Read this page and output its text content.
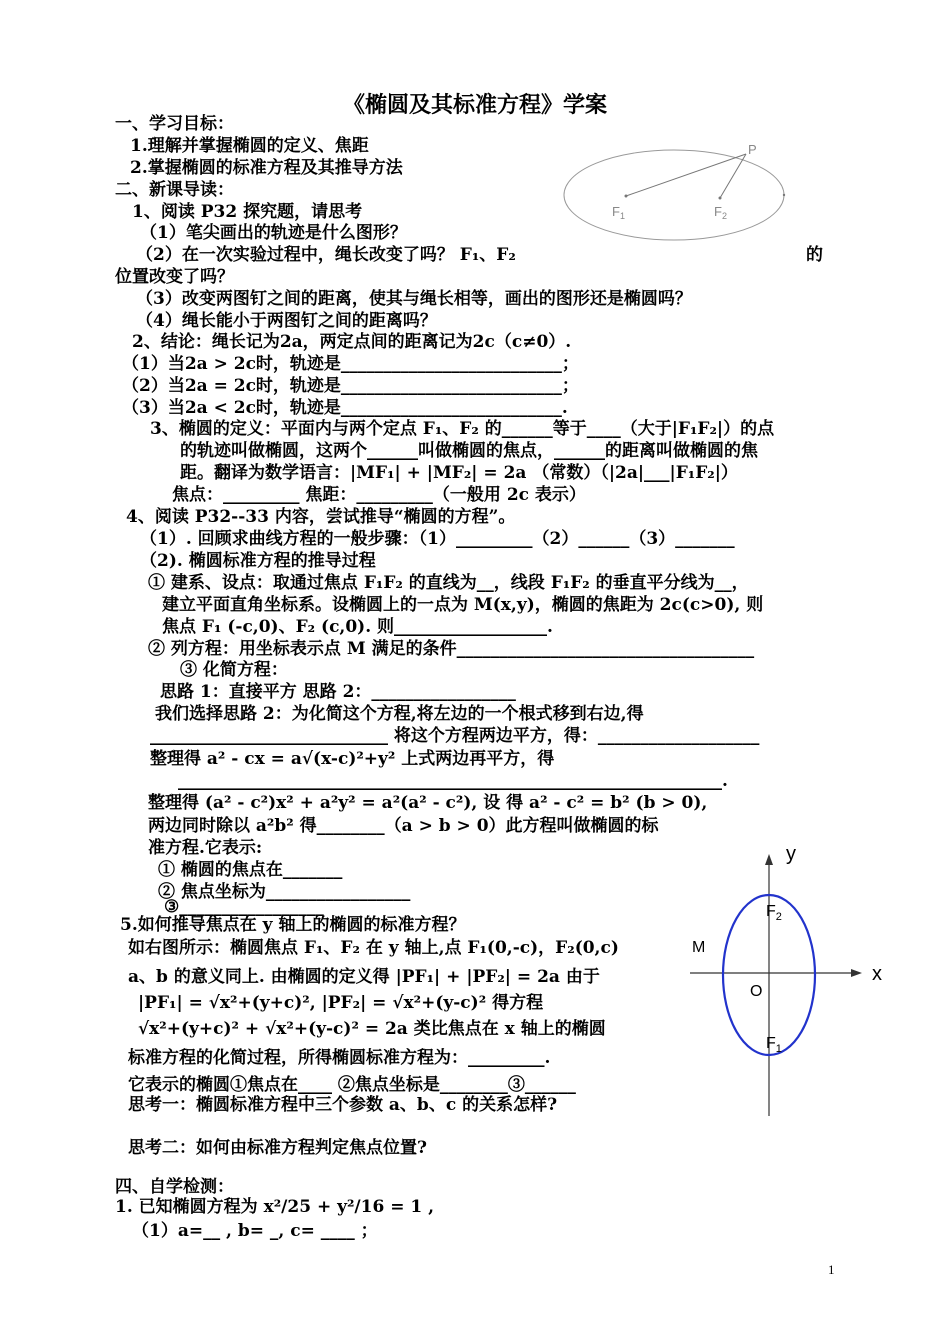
《椭圆及其标准方程》学案
一、学习目标：
1.理解并掌握椭圆的定义、焦距
2.掌握椭圆的标准方程及其推导方法
二、新课导读：
1、阅读 P32 探究题，请思考
（1）笔尖画出的轨迹是什么图形？
（2）在一次实验过程中，绳长改变了吗？ F₁、F₂	的
位置改变了吗？
（3）改变两图钉之间的距离，使其与绳长相等，画出的图形还是椭圆吗？
（4）绳长能小于两图钉之间的距离吗？
2、结论：绳长记为2a，两定点间的距离记为2c（c≠0）.
（1）当2a > 2c时，轨迹是__________________________；
（2）当2a = 2c时，轨迹是__________________________；
（3）当2a < 2c时，轨迹是__________________________.
3、椭圆的定义：平面内与两个定点 F₁、F₂ 的______等于____（大于|F₁F₂|）的点
的轨迹叫做椭圆，这两个______叫做椭圆的焦点，______的距离叫做椭圆的焦
距。翻译为数学语言：|MF₁| + |MF₂| = 2a （常数）（|2a|___|F₁F₂|）
焦点：_________ 焦距：_________（一般用 2c 表示）
4、阅读 P32--33 内容，尝试推导“椭圆的方程”。
（1）. 回顾求曲线方程的一般步骤：（1）_________（2）______（3）_______
（2). 椭圆标准方程的推导过程
① 建系、设点：取通过焦点 F₁F₂ 的直线为__，线段 F₁F₂ 的垂直平分线为__，
建立平面直角坐标系。设椭圆上的一点为 M(x,y)，椭圆的焦距为 2c(c>0), 则
焦点 F₁ (-c,0)、F₂ (c,0). 则__________________.
② 列方程：用坐标表示点 M 满足的条件___________________________________
③ 化简方程：
思路 1：直接平方 思路 2：_________________
我们选择思路 2：为化简这个方程,将左边的一个根式移到右边,得
____________________________ 将这个方程两边平方，得：___________________
整理得 a² - cx = a√(x-c)²+y² 上式两边再平方，得
________________________________________________________________.
整理得 (a² - c²)x² + a²y² = a²(a² - c²), 设 得 a² - c² = b² (b > 0),
两边同时除以 a²b² 得________（a > b > 0）此方程叫做椭圆的标
准方程.它表示:
① 椭圆的焦点在_______
② 焦点坐标为_________________
③_________________
5.如何推导焦点在 y 轴上的椭圆的标准方程？
如右图所示：椭圆焦点 F₁、F₂ 在 y 轴上,点 F₁(0,-c)，F₂(0,c)
a、b 的意义同上. 由椭圆的定义得 |PF₁| + |PF₂| = 2a 由于
|PF₁| = √x²+(y+c)², |PF₂| = √x²+(y-c)² 得方程
√x²+(y+c)² + √x²+(y-c)² = 2a 类比焦点在 x 轴上的椭圆
标准方程的化简过程，所得椭圆标准方程为：_________.
它表示的椭圆①焦点在____ ②焦点坐标是________③______
思考一：椭圆标准方程中三个参数 a、b、c 的关系怎样?
思考二：如何由标准方程判定焦点位置?
四、自学检测：
1. 已知椭圆方程为 x²/25 + y²/16 = 1 ,
（1）a=__ , b= _, c= ____ ；
P
$F_1$	$F_2$
y
x
O
M
$F_2$
$F_1$
1
